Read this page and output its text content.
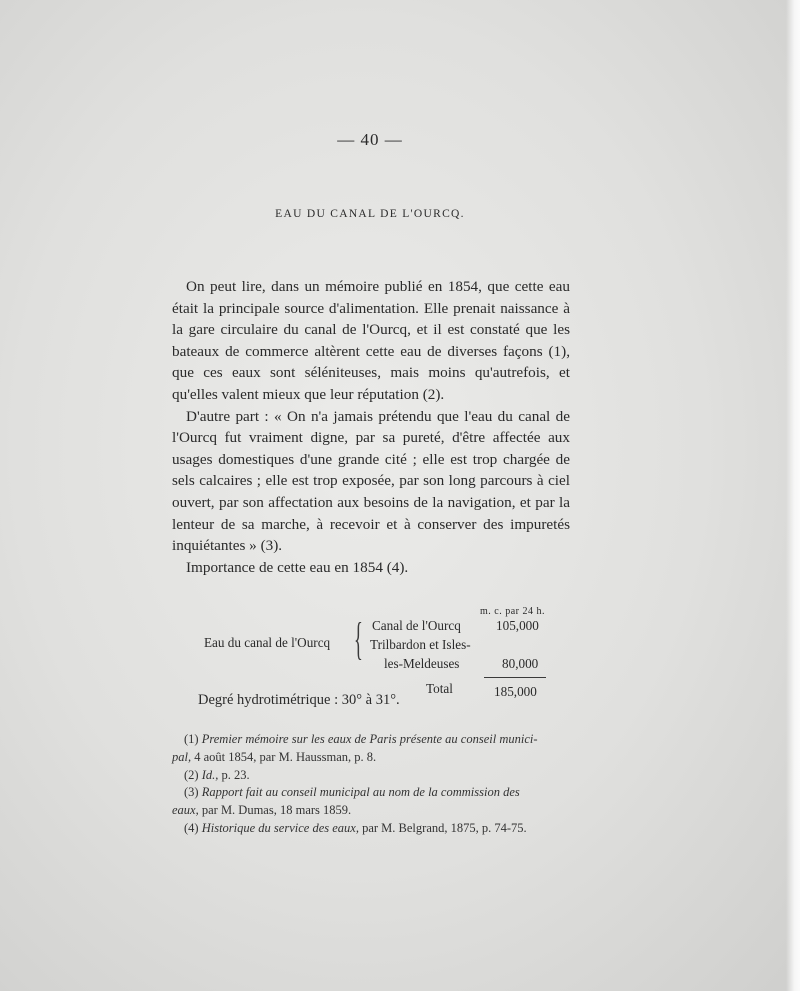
— 40 —
EAU DU CANAL DE L'OURCQ.

On peut lire, dans un mémoire publié en 1854, que cette eau était la principale source d'alimentation. Elle prenait naissance à la gare circulaire du canal de l'Ourcq, et il est constaté que les bateaux de commerce altèrent cette eau de diverses façons (1), que ces eaux sont séléniteuses, mais moins qu'autrefois, et qu'elles valent mieux que leur réputation (2).

D'autre part : « On n'a jamais prétendu que l'eau du canal de l'Ourcq fut vraiment digne, par sa pureté, d'être affectée aux usages domestiques d'une grande cité ; elle est trop chargée de sels calcaires ; elle est trop exposée, par son long parcours à ciel ouvert, par son affectation aux besoins de la navigation, et par la lenteur de sa marche, à recevoir et à conserver des impuretés inquiétantes » (3).

Importance de cette eau en 1854 (4).

m. c. par 24 h.
Eau du canal de l'Ourcq { Canal de l'Ourcq	105,000
Trilbardon et Isles-
les-Meldeuses	80,000
Total	185,000
Degré hydrotimétrique : 30° à 31°.

(1) Premier mémoire sur les eaux de Paris présente au conseil munici-

pal, 4 août 1854, par M. Haussman, p. 8.

(2) Id., p. 23.

(3) Rapport fait au conseil municipal au nom de la commission des

eaux, par M. Dumas, 18 mars 1859.

(4) Historique du service des eaux, par M. Belgrand, 1875, p. 74-75.
